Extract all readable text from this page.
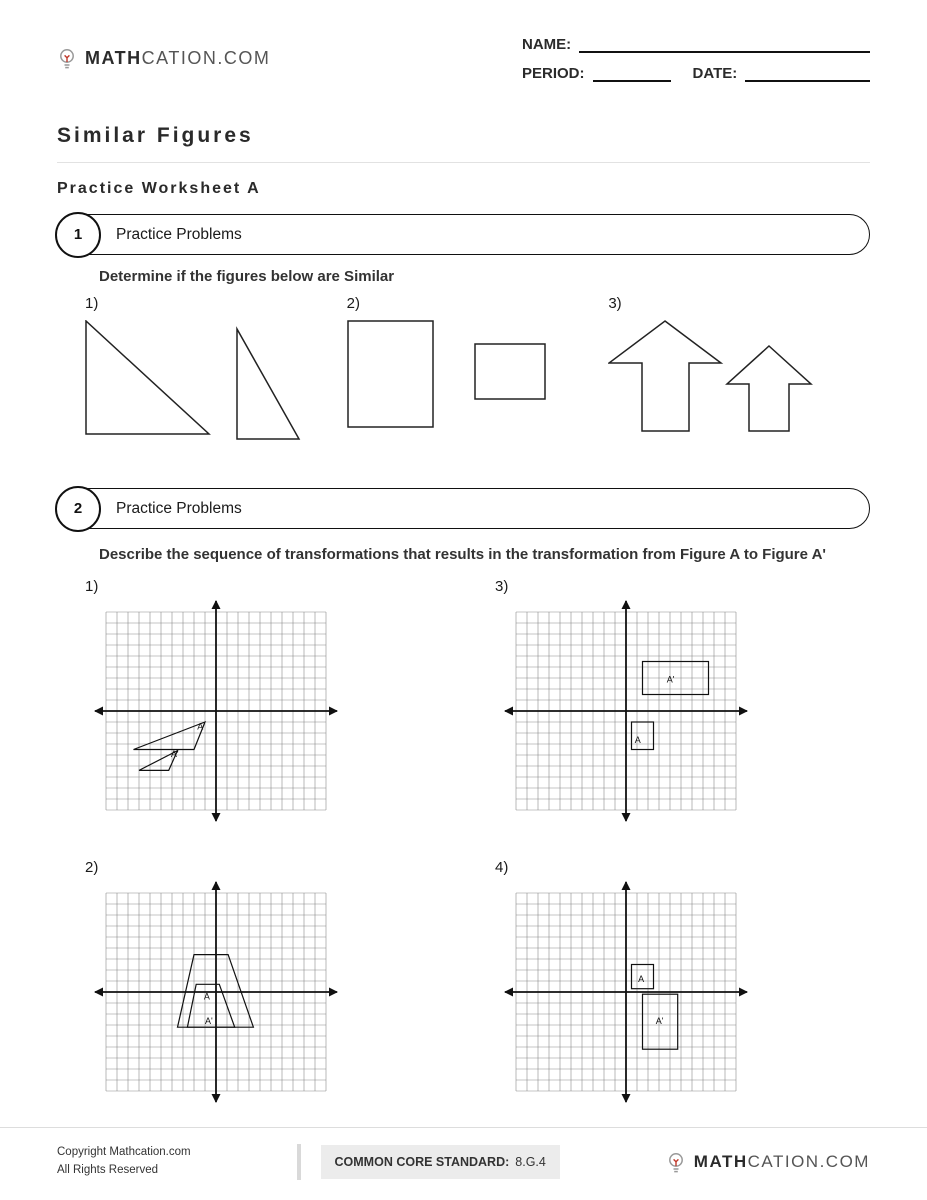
MATHCATION.COM
NAME:
PERIOD:	DATE:
Similar Figures
Practice Worksheet A
1	Practice Problems
Determine if the figures below are Similar
1)	2)	3)
2	Practice Problems
Describe the sequence of transformations that results in the transformation from Figure A to Figure A'
1)
A
A'
3)
A'
A
2)
A
A'
4)
A
A'
Copyright Mathcation.com
All Rights Reserved
COMMON CORE STANDARD: 8.G.4	MATHCATION.COM
